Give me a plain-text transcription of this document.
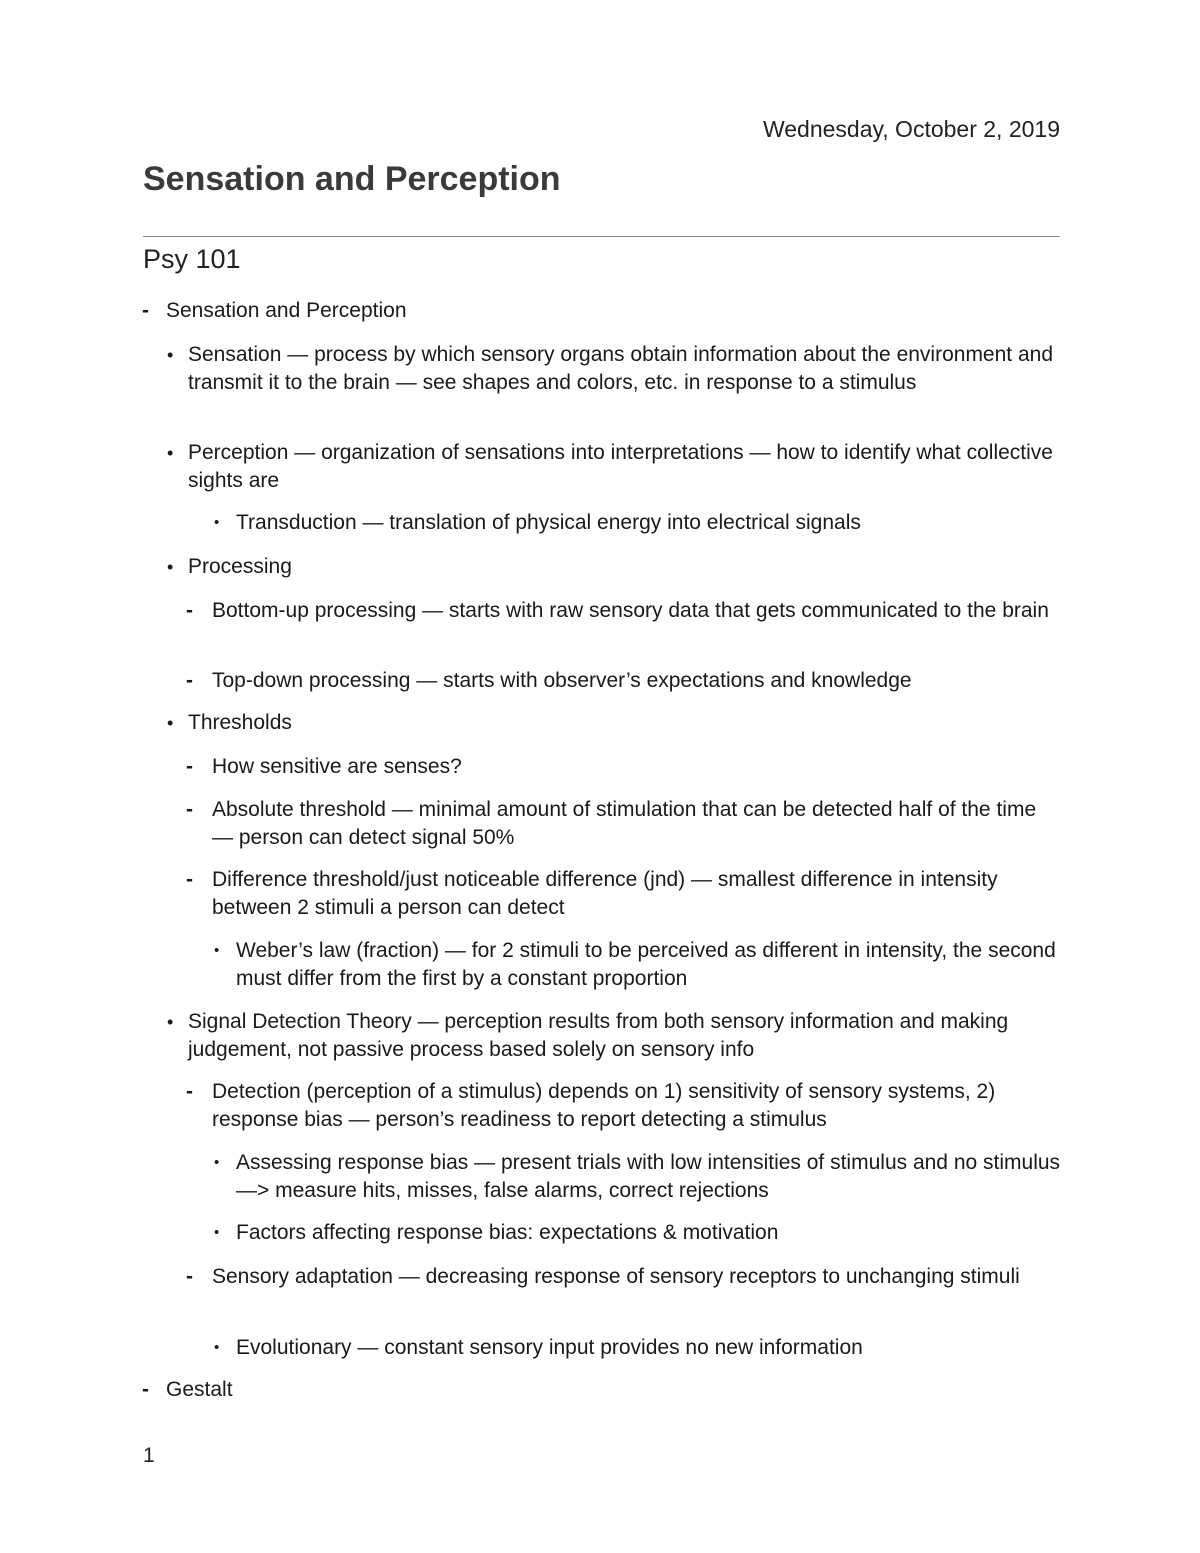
Wednesday, October 2, 2019
Sensation and Perception
Psy 101
- Sensation and Perception
• Sensation — process by which sensory organs obtain information about the environment and transmit it to the brain — see shapes and colors, etc. in response to a stimulus
• Perception — organization of sensations into interpretations — how to identify what collective sights are
• Transduction — translation of physical energy into electrical signals
• Processing
- Bottom-up processing — starts with raw sensory data that gets communicated to the brain
- Top-down processing — starts with observer’s expectations and knowledge
• Thresholds
- How sensitive are senses?
- Absolute threshold — minimal amount of stimulation that can be detected half of the time — person can detect signal 50%
- Difference threshold/just noticeable difference (jnd) — smallest difference in intensity between 2 stimuli a person can detect
• Weber’s law (fraction) — for 2 stimuli to be perceived as different in intensity, the second must differ from the first by a constant proportion
• Signal Detection Theory — perception results from both sensory information and making judgement, not passive process based solely on sensory info
- Detection (perception of a stimulus) depends on 1) sensitivity of sensory systems, 2) response bias — person’s readiness to report detecting a stimulus
• Assessing response bias — present trials with low intensities of stimulus and no stimulus —> measure hits, misses, false alarms, correct rejections
• Factors affecting response bias: expectations & motivation
- Sensory adaptation — decreasing response of sensory receptors to unchanging stimuli
• Evolutionary — constant sensory input provides no new information
- Gestalt
1
